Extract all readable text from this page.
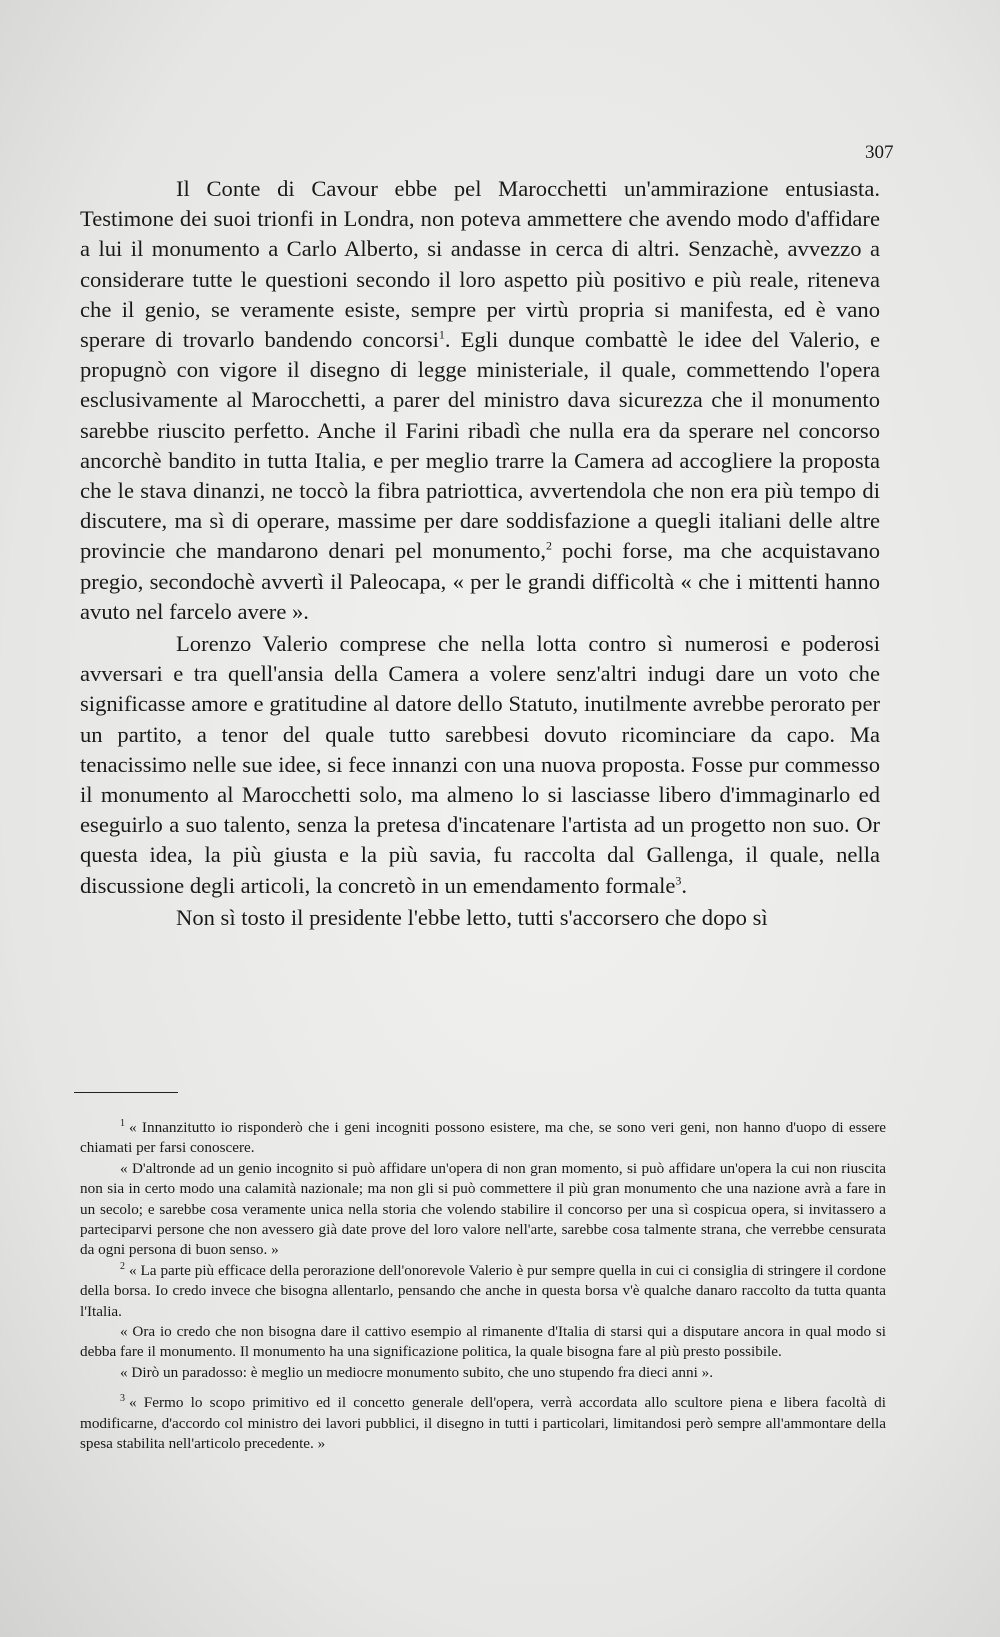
307

Il Conte di Cavour ebbe pel Marocchetti un'ammirazione entusiasta. Testimone dei suoi trionfi in Londra, non poteva ammettere che avendo modo d'affidare a lui il monumento a Carlo Alberto, si andasse in cerca di altri. Senzachè, avvezzo a considerare tutte le questioni secondo il loro aspetto più positivo e più reale, riteneva che il genio, se veramente esiste, sempre per virtù propria si manifesta, ed è vano sperare di trovarlo bandendo concorsi$^1$. Egli dunque combattè le idee del Valerio, e propugnò con vigore il disegno di legge ministeriale, il quale, commettendo l'opera esclusivamente al Marocchetti, a parer del ministro dava sicurezza che il monumento sarebbe riuscito perfetto. Anche il Farini ribadì che nulla era da sperare nel concorso ancorchè bandito in tutta Italia, e per meglio trarre la Camera ad accogliere la proposta che le stava dinanzi, ne toccò la fibra patriottica, avvertendola che non era più tempo di discutere, ma sì di operare, massime per dare soddisfazione a quegli italiani delle altre provincie che mandarono denari pel monumento,$^2$ pochi forse, ma che acquistavano pregio, secondochè avvertì il Paleocapa, « per le grandi difficoltà « che i mittenti hanno avuto nel farcelo avere ».

Lorenzo Valerio comprese che nella lotta contro sì numerosi e poderosi avversari e tra quell'ansia della Camera a volere senz'altri indugi dare un voto che significasse amore e gratitudine al datore dello Statuto, inutilmente avrebbe perorato per un partito, a tenor del quale tutto sarebbesi dovuto ricominciare da capo. Ma tenacissimo nelle sue idee, si fece innanzi con una nuova proposta. Fosse pur commesso il monumento al Marocchetti solo, ma almeno lo si lasciasse libero d'immaginarlo ed eseguirlo a suo talento, senza la pretesa d'incatenare l'artista ad un progetto non suo. Or questa idea, la più giusta e la più savia, fu raccolta dal Gallenga, il quale, nella discussione degli articoli, la concretò in un emendamento formale$^3$.

Non sì tosto il presidente l'ebbe letto, tutti s'accorsero che dopo sì

$^1$ « Innanzitutto io risponderò che i geni incogniti possono esistere, ma che, se sono veri geni, non hanno d'uopo di essere chiamati per farsi conoscere.

« D'altronde ad un genio incognito si può affidare un'opera di non gran momento, si può affidare un'opera la cui non riuscita non sia in certo modo una calamità nazionale; ma non gli si può commettere il più gran monumento che una nazione avrà a fare in un secolo; e sarebbe cosa veramente unica nella storia che volendo stabilire il concorso per una sì cospicua opera, si invitassero a parteciparvi persone che non avessero già date prove del loro valore nell'arte, sarebbe cosa talmente strana, che verrebbe censurata da ogni persona di buon senso. »

$^2$ « La parte più efficace della perorazione dell'onorevole Valerio è pur sempre quella in cui ci consiglia di stringere il cordone della borsa. Io credo invece che bisogna allentarlo, pensando che anche in questa borsa v'è qualche danaro raccolto da tutta quanta l'Italia.

« Ora io credo che non bisogna dare il cattivo esempio al rimanente d'Italia di starsi qui a disputare ancora in qual modo si debba fare il monumento. Il monumento ha una significazione politica, la quale bisogna fare al più presto possibile.

« Dirò un paradosso: è meglio un mediocre monumento subito, che uno stupendo fra dieci anni ».

$^3$ « Fermo lo scopo primitivo ed il concetto generale dell'opera, verrà accordata allo scultore piena e libera facoltà di modificarne, d'accordo col ministro dei lavori pubblici, il disegno in tutti i particolari, limitandosi però sempre all'ammontare della spesa stabilita nell'articolo precedente. »
